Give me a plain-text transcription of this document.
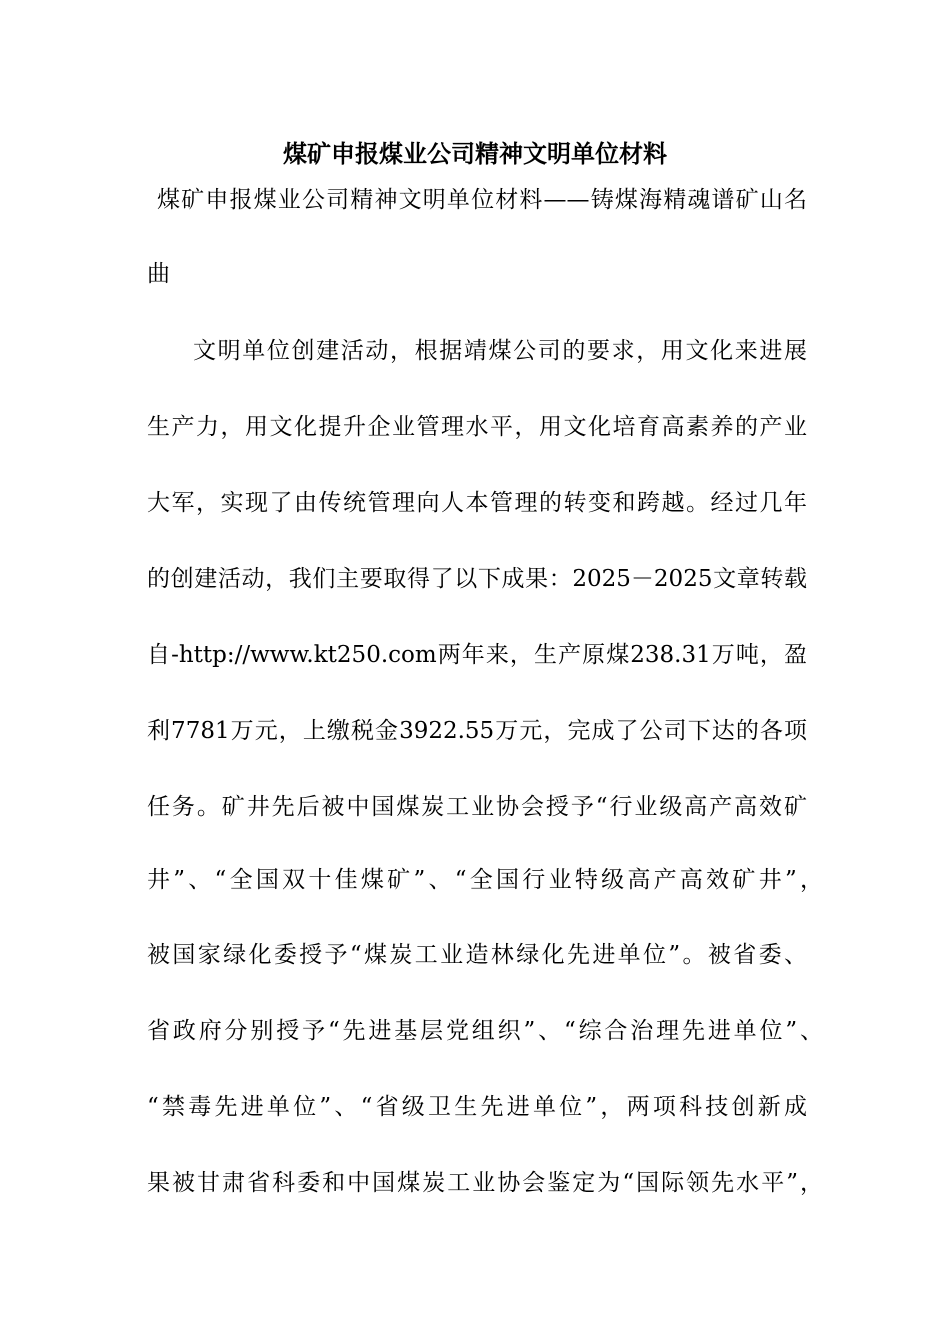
煤矿申报煤业公司精神文明单位材料
煤矿申报煤业公司精神文明单位材料——铸煤海精魂谱矿山名
曲
文明单位创建活动，根据靖煤公司的要求，用文化来进展
生产力，用文化提升企业管理水平，用文化培育高素养的产业
大军，实现了由传统管理向人本管理的转变和跨越。经过几年
的创建活动，我们主要取得了以下成果：2025－2025文章转载
自-http://www.kt250.com两年来，生产原煤238.31万吨，盈
利7781万元，上缴税金3922.55万元，完成了公司下达的各项
任务。矿井先后被中国煤炭工业协会授予“行业级高产高效矿
井”、“全国双十佳煤矿”、“全国行业特级高产高效矿井”，
被国家绿化委授予“煤炭工业造林绿化先进单位”。被省委、
省政府分别授予“先进基层党组织”、“综合治理先进单位”、
“禁毒先进单位”、“省级卫生先进单位”，两项科技创新成
果被甘肃省科委和中国煤炭工业协会鉴定为“国际领先水平”，
